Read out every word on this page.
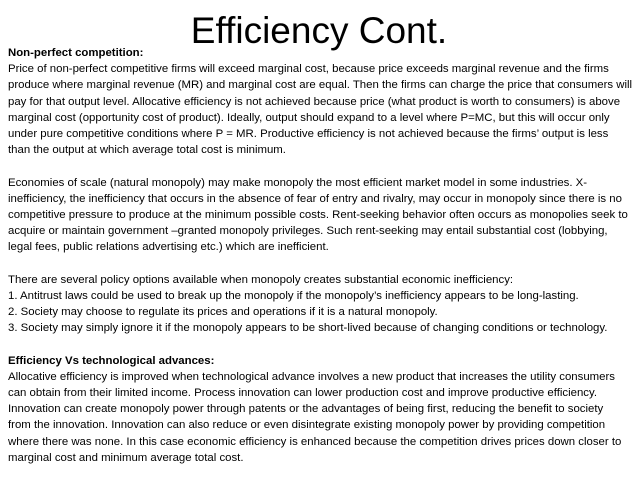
Efficiency Cont.
Non-perfect competition:
Price of non-perfect competitive firms will exceed marginal cost, because price exceeds marginal revenue and the firms
produce where marginal revenue (MR) and marginal cost are equal. Then the firms can charge the price that consumers will
pay for that output level. Allocative efficiency is not achieved because price (what product is worth to consumers) is above
marginal cost (opportunity cost of product). Ideally, output should expand to a level where P=MC, but this will occur only
under pure competitive conditions where P = MR. Productive efficiency is not achieved because the firms’ output is less
than the output at which average total cost is minimum.
Economies of scale (natural monopoly) may make monopoly the most efficient market model in some industries. X-
inefficiency, the inefficiency that occurs in the absence of fear of entry and rivalry, may occur in monopoly since there is no
competitive pressure to produce at the minimum possible costs. Rent-seeking behavior often occurs as monopolies seek to
acquire or maintain government –granted monopoly privileges. Such rent-seeking may entail substantial cost (lobbying,
legal fees, public relations advertising etc.) which are inefficient.
There are several policy options available when monopoly creates substantial economic inefficiency:
1. Antitrust laws could be used to break up the monopoly if the monopoly’s inefficiency appears to be long-lasting.
2. Society may choose to regulate its prices and operations if it is a natural monopoly.
3. Society may simply ignore it if the monopoly appears to be short-lived because of changing conditions or technology.
Efficiency Vs technological advances:
Allocative efficiency is improved when technological advance involves a new product that increases the utility consumers
can obtain from their limited income. Process innovation can lower production cost and improve productive efficiency.
Innovation can create monopoly power through patents or the advantages of being first, reducing the benefit to society
from the innovation. Innovation can also reduce or even disintegrate existing monopoly power by providing competition
where there was none. In this case economic efficiency is enhanced because the competition drives prices down closer to
marginal cost and minimum average total cost.
